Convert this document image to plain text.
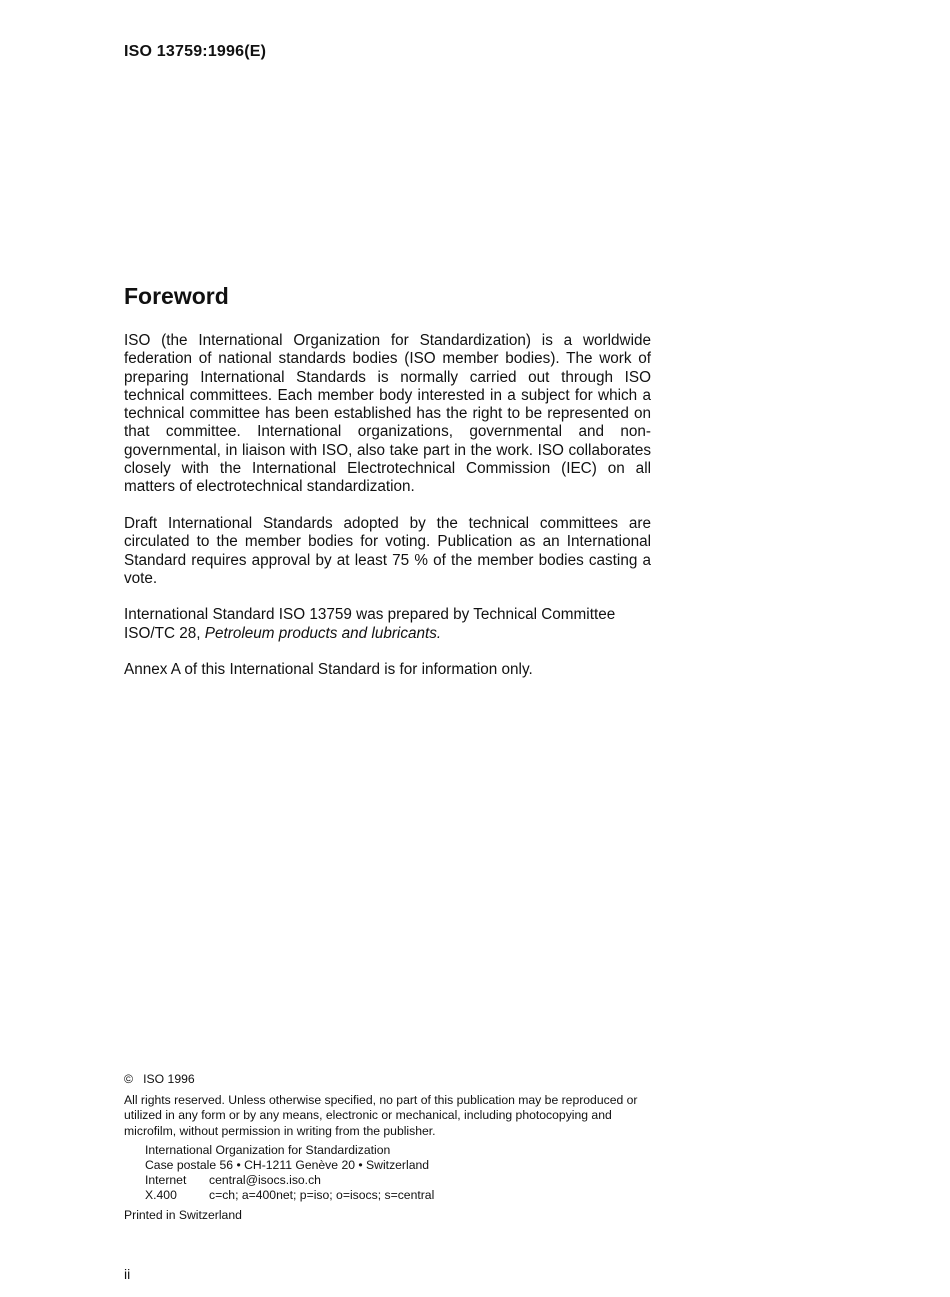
ISO 13759:1996(E)
Foreword

ISO (the International Organization for Standardization) is a worldwide federation of national standards bodies (ISO member bodies). The work of preparing International Standards is normally carried out through ISO technical committees. Each member body interested in a subject for which a technical committee has been established has the right to be represented on that committee. International organizations, governmental and non-governmental, in liaison with ISO, also take part in the work. ISO collaborates closely with the International Electrotechnical Commission (IEC) on all matters of electrotechnical standardization.

Draft International Standards adopted by the technical committees are circulated to the member bodies for voting. Publication as an International Standard requires approval by at least 75 % of the member bodies casting a vote.

International Standard ISO 13759 was prepared by Technical Committee ISO/TC 28, Petroleum products and lubricants.

Annex A of this International Standard is for information only.

© ISO 1996
All rights reserved. Unless otherwise specified, no part of this publication may be reproduced or utilized in any form or by any means, electronic or mechanical, including photocopying and microfilm, without permission in writing from the publisher.
International Organization for Standardization
Case postale 56 • CH-1211 Genève 20 • Switzerland
Internet	central@isocs.iso.ch
X.400	c=ch; a=400net; p=iso; o=isocs; s=central
Printed in Switzerland
ii
